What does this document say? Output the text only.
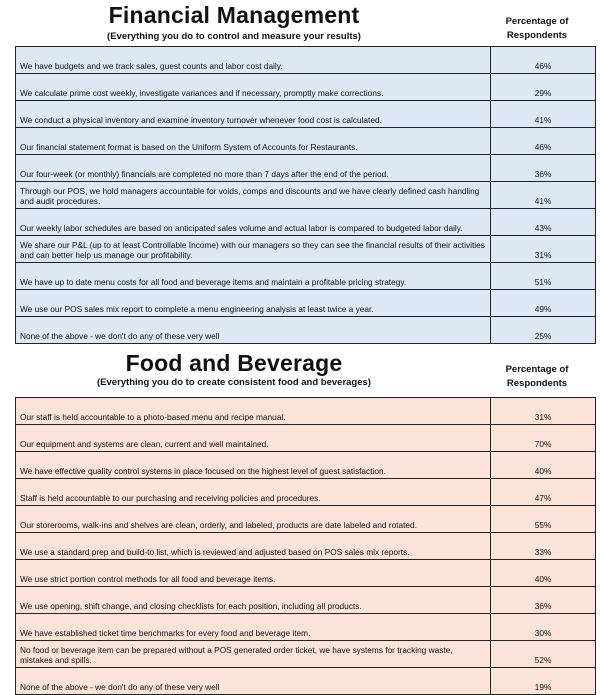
Financial Management
(Everything you do to control and measure your results)
Percentage of
Respondents
We have budgets and we track sales, guest counts and labor cost daily.	46%
We calculate prime cost weekly, investigate variances and if necessary, promptly make corrections.	29%
We conduct a physical inventory and examine inventory turnover whenever food cost is calculated.	41%
Our financial statement format is based on the Uniform System of Accounts for Restaurants.	46%
Our four-week (or monthly) financials are completed no more than 7 days after the end of the period.	36%
Through our POS, we hold managers accountable for voids, comps and discounts and we have clearly defined cash handling and audit procedures.	41%
Our weekly labor schedules are based on anticipated sales volume and actual labor is compared to budgeted labor daily.	43%
We share our P&L (up to at least Controllable Income) with our managers so they can see the financial results of their activities and can better help us manage our profitability.	31%
We have up to date menu costs for all food and beverage items and maintain a profitable pricing strategy.	51%
We use our POS sales mix report to complete a menu engineering analysis at least twice a year.	49%
None of the above - we don't do any of these very well	25%
Food and Beverage
(Everything you do to create consistent food and beverages)
Percentage of
Respondents
Our staff is held accountable to a photo-based menu and recipe manual.	31%
Our equipment and systems are clean, current and well maintained.	70%
We have effective quality control systems in place focused on the highest level of guest satisfaction.	40%
Staff is held accountable to our purchasing and receiving policies and procedures.	47%
Our storerooms, walk-ins and shelves are clean, orderly, and labeled, products are date labeled and rotated.	55%
We use a standard prep and build-to list, which is reviewed and adjusted based on POS sales mix reports.	33%
We use strict portion control methods for all food and beverage items.	40%
We use opening, shift change, and closing checklists for each position, including all products.	36%
We have established ticket time benchmarks for every food and beverage item.	30%
No food or beverage item can be prepared without a POS generated order ticket, we have systems for tracking waste, mistakes and spills.	52%
None of the above - we don't do any of these very well	19%
